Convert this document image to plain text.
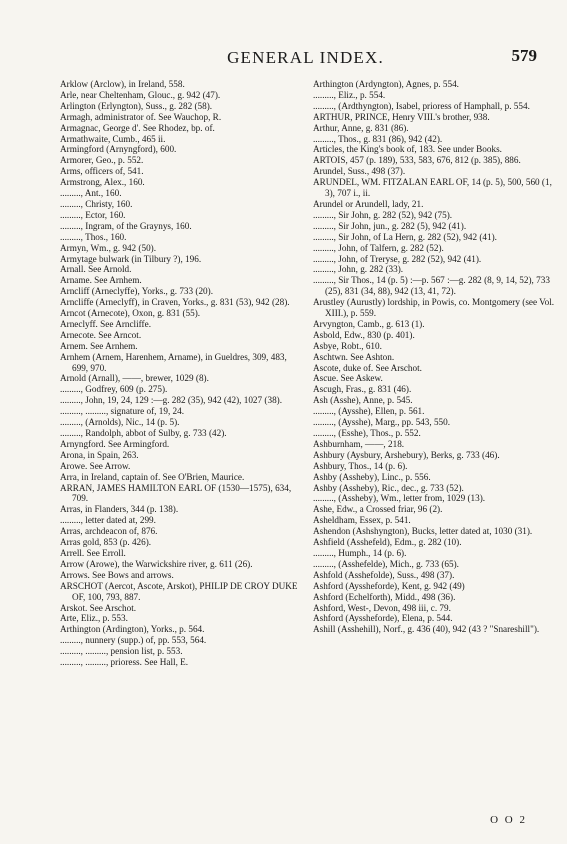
GENERAL INDEX.	579

Arklow (Arclow), in Ireland, 558.

Arle, near Cheltenham, Glouc., g. 942 (47).

Arlington (Erlyngton), Suss., g. 282 (58).

Armagh, administrator of. See Wauchop, R.

Armagnac, George d'. See Rhodez, bp. of.

Armathwaite, Cumb., 465 ii.

Armingford (Arnyngford), 600.

Armorer, Geo., p. 552.

Arms, officers of, 541.

Armstrong, Alex., 160.

........., Ant., 160.

........., Christy, 160.

........., Ector, 160.

........., Ingram, of the Graynys, 160.

........., Thos., 160.

Armyn, Wm., g. 942 (50).

Armytage bulwark (in Tilbury ?), 196.

Arnall. See Arnold.

Arname. See Arnhem.

Arncliff (Arneclyffe), Yorks., g. 733 (20).

Arncliffe (Arneclyff), in Craven, Yorks., g. 831 (53), 942 (28).

Arncot (Arnecote), Oxon, g. 831 (55).

Arneclyff. See Arncliffe.

Arnecote. See Arncot.

Arnem. See Arnhem.

Arnhem (Arnem, Harenhem, Arname), in Gueldres, 309, 483, 699, 970.

Arnold (Arnall), ——, brewer, 1029 (8).

........., Godfrey, 609 (p. 275).

........., John, 19, 24, 129 :—g. 282 (35), 942 (42), 1027 (38).

........., ........., signature of, 19, 24.

........., (Arnolds), Nic., 14 (p. 5).

........., Randolph, abbot of Sulby, g. 733 (42).

Arnyngford. See Armingford.

Arona, in Spain, 263.

Arowe. See Arrow.

Arra, in Ireland, captain of. See O'Brien, Maurice.

ARRAN, JAMES HAMILTON EARL OF (1530—1575), 634, 709.

Arras, in Flanders, 344 (p. 138).

........., letter dated at, 299.

Arras, archdeacon of, 876.

Arras gold, 853 (p. 426).

Arrell. See Erroll.

Arrow (Arowe), the Warwickshire river, g. 611 (26).

Arrows. See Bows and arrows.

ARSCHOT (Aercot, Ascote, Arskot), PHILIP DE CROY DUKE OF, 100, 793, 887.

Arskot. See Arschot.

Arte, Eliz., p. 553.

Arthington (Ardington), Yorks., p. 564.

........., nunnery (supp.) of, pp. 553, 564.

........., ........., pension list, p. 553.

........., ........., prioress. See Hall, E.

Arthington (Ardyngton), Agnes, p. 554.

........., Eliz., p. 554.

........., (Ardthyngton), Isabel, prioress of Hamphall, p. 554.

ARTHUR, PRINCE, Henry VIII.'s brother, 938.

Arthur, Anne, g. 831 (86).

........., Thos., g. 831 (86), 942 (42).

Articles, the King's book of, 183. See under Books.

ARTOIS, 457 (p. 189), 533, 583, 676, 812 (p. 385), 886.

Arundel, Suss., 498 (37).

ARUNDEL, WM. FITZALAN EARL OF, 14 (p. 5), 500, 560 (1, 3), 707 i., ii.

Arundel or Arundell, lady, 21.

........., Sir John, g. 282 (52), 942 (75).

........., Sir John, jun., g. 282 (5), 942 (41).

........., Sir John, of La Hern, g. 282 (52), 942 (41).

........., John, of Talfern, g. 282 (52).

........., John, of Treryse, g. 282 (52), 942 (41).

........., John, g. 282 (33).

........., Sir Thos., 14 (p. 5) :—p. 567 :—g. 282 (8, 9, 14, 52), 733 (25), 831 (34, 88), 942 (13, 41, 72).

Arustley (Aurustly) lordship, in Powis, co. Montgomery (see Vol. XIII.), p. 559.

Arvyngton, Camb., g. 613 (1).

Asbold, Edw., 830 (p. 401).

Asbye, Robt., 610.

Aschtwn. See Ashton.

Ascote, duke of. See Arschot.

Ascue. See Askew.

Ascugh, Fras., g. 831 (46).

Ash (Asshe), Anne, p. 545.

........., (Aysshe), Ellen, p. 561.

........., (Aysshe), Marg., pp. 543, 550.

........., (Esshe), Thos., p. 552.

Ashburnham, ——, 218.

Ashbury (Aysbury, Arshebury), Berks, g. 733 (46).

Ashbury, Thos., 14 (p. 6).

Ashby (Assheby), Linc., p. 556.

Ashby (Assheby), Ric., dec., g. 733 (52).

........., (Assheby), Wm., letter from, 1029 (13).

Ashe, Edw., a Crossed friar, 96 (2).

Asheldham, Essex, p. 541.

Ashendon (Ashshyngton), Bucks, letter dated at, 1030 (31).

Ashfield (Asshefeld), Edm., g. 282 (10).

........., Humph., 14 (p. 6).

........., (Asshefelde), Mich., g. 733 (65).

Ashfold (Asshefolde), Suss., 498 (37).

Ashford (Ayssheforde), Kent, g. 942 (49)

Ashford (Echelforth), Midd., 498 (36).

Ashford, West-, Devon, 498 iii, c. 79.

Ashford (Ayssheforde), Elena, p. 544.

Ashill (Asshehill), Norf., g. 436 (40), 942 (43 ? "Snareshill").

O O 2
